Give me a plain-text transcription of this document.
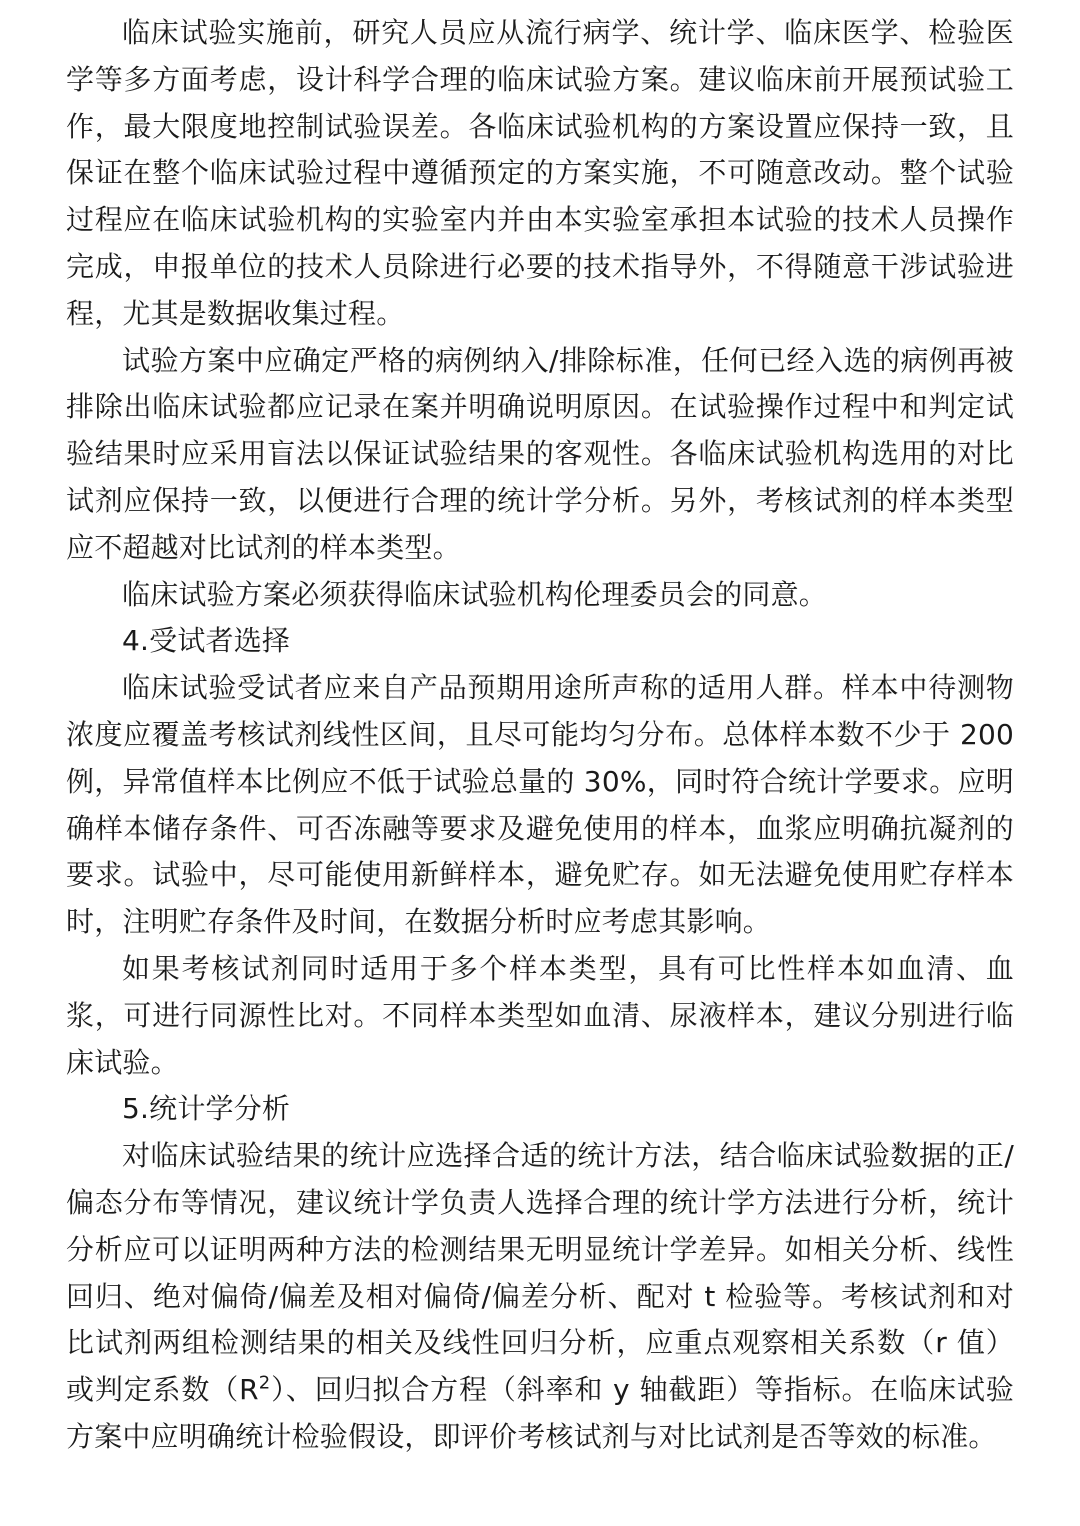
临床试验实施前，研究人员应从流行病学、统计学、临床医学、检验医学等多方面考虑，设计科学合理的临床试验方案。建议临床前开展预试验工作，最大限度地控制试验误差。各临床试验机构的方案设置应保持一致，且保证在整个临床试验过程中遵循预定的方案实施，不可随意改动。整个试验过程应在临床试验机构的实验室内并由本实验室承担本试验的技术人员操作完成，申报单位的技术人员除进行必要的技术指导外，不得随意干涉试验进程，尤其是数据收集过程。

试验方案中应确定严格的病例纳入/排除标准，任何已经入选的病例再被排除出临床试验都应记录在案并明确说明原因。在试验操作过程中和判定试验结果时应采用盲法以保证试验结果的客观性。各临床试验机构选用的对比试剂应保持一致，以便进行合理的统计学分析。另外，考核试剂的样本类型应不超越对比试剂的样本类型。

临床试验方案必须获得临床试验机构伦理委员会的同意。

4.受试者选择

临床试验受试者应来自产品预期用途所声称的适用人群。样本中待测物浓度应覆盖考核试剂线性区间，且尽可能均匀分布。总体样本数不少于 200 例，异常值样本比例应不低于试验总量的 30%，同时符合统计学要求。应明确样本储存条件、可否冻融等要求及避免使用的样本，血浆应明确抗凝剂的要求。试验中，尽可能使用新鲜样本，避免贮存。如无法避免使用贮存样本时，注明贮存条件及时间，在数据分析时应考虑其影响。

如果考核试剂同时适用于多个样本类型，具有可比性样本如血清、血浆，可进行同源性比对。不同样本类型如血清、尿液样本，建议分别进行临床试验。

5.统计学分析

对临床试验结果的统计应选择合适的统计方法，结合临床试验数据的正/偏态分布等情况，建议统计学负责人选择合理的统计学方法进行分析，统计分析应可以证明两种方法的检测结果无明显统计学差异。如相关分析、线性回归、绝对偏倚/偏差及相对偏倚/偏差分析、配对 t 检验等。考核试剂和对比试剂两组检测结果的相关及线性回归分析，应重点观察相关系数（r 值）或判定系数$(R^2)$、回归拟合方程（斜率和 y 轴截距）等指标。在临床试验方案中应明确统计检验假设，即评价考核试剂与对比试剂是否等效的标准。
